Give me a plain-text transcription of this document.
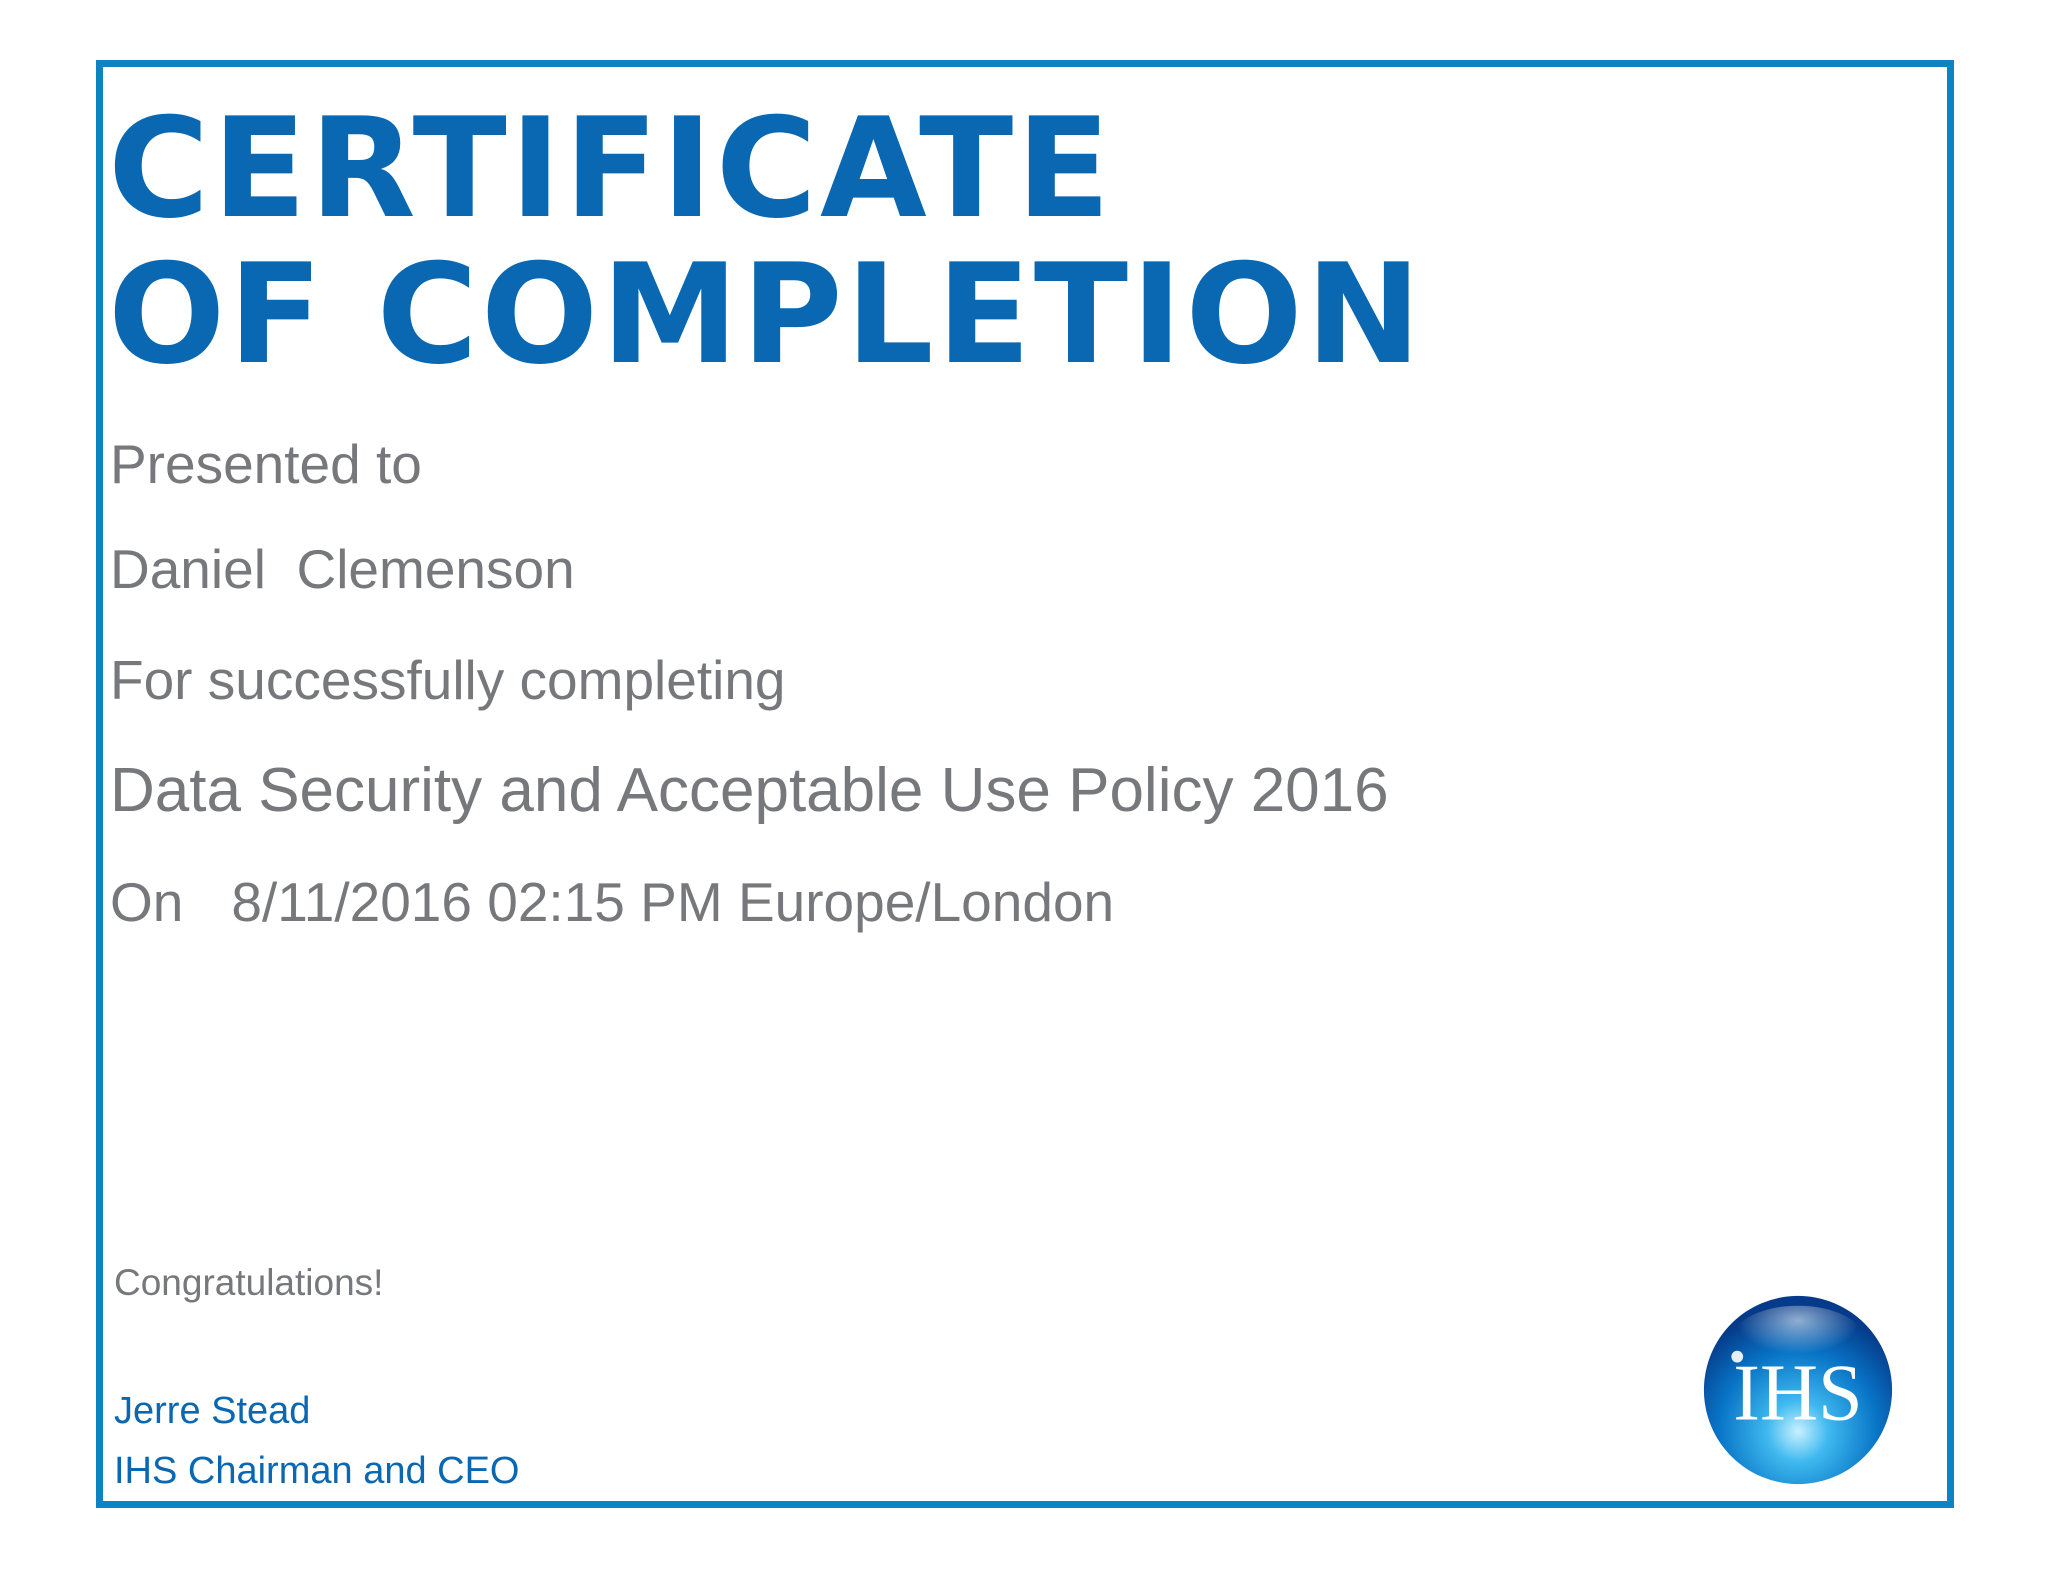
CERTIFICATE
OF COMPLETION

Presented to

Daniel  Clemenson

For successfully completing

Data Security and Acceptable Use Policy 2016

On 8/11/2016 02:15 PM Europe/London

Congratulations!

Jerre Stead

IHS Chairman and CEO

IHS
